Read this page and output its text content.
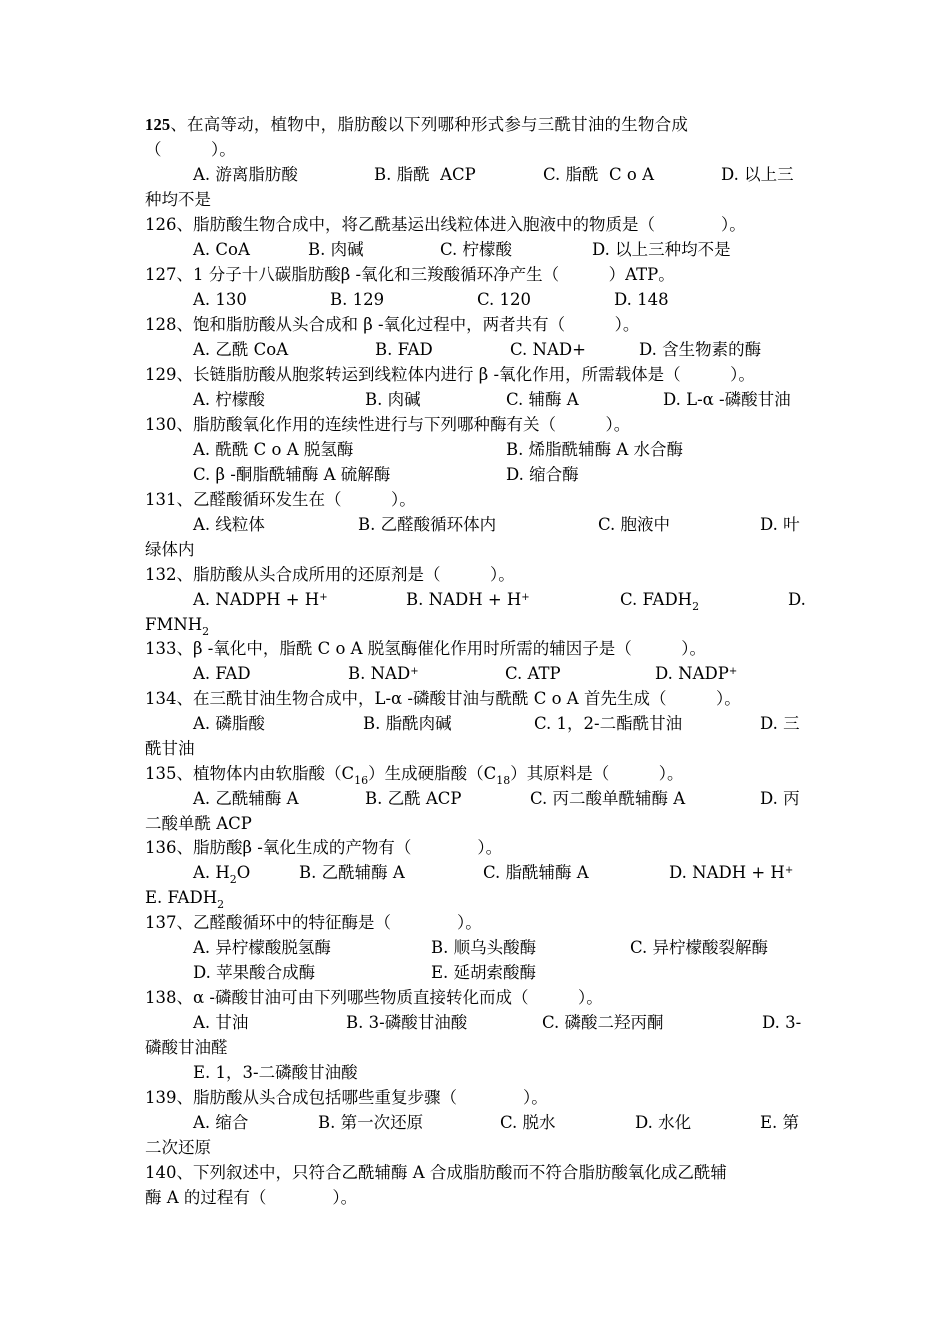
125、在高等动，植物中，脂肪酸以下列哪种形式参与三酰甘油的生物合成
（　　　）。
A. 游离脂肪酸	B. 脂酰  ACP	C. 脂酰  C o A	D. 以上三
种均不是
126、脂肪酸生物合成中，将乙酰基运出线粒体进入胞液中的物质是（　　　　）。
A. CoA	B. 肉碱	C. 柠檬酸	D. 以上三种均不是
127、1 分子十八碳脂肪酸β -氧化和三羧酸循环净产生（　　　）ATP。
A. 130	B. 129	C. 120	D. 148
128、饱和脂肪酸从头合成和 β -氧化过程中，两者共有（　　　）。
A. 乙酰 CoA	B. FAD	C. NAD+	D. 含生物素的酶
129、长链脂肪酸从胞浆转运到线粒体内进行 β -氧化作用，所需载体是（　　　）。
A. 柠檬酸	B. 肉碱	C. 辅酶 A	D. L-α -磷酸甘油
130、脂肪酸氧化作用的连续性进行与下列哪种酶有关（　　　）。
A. 酰酰 C o A 脱氢酶	B. 烯脂酰辅酶 A 水合酶
C. β -酮脂酰辅酶 A 硫解酶	D. 缩合酶
131、乙醛酸循环发生在（　　　）。
A. 线粒体	B. 乙醛酸循环体内	C. 胞液中	D. 叶
绿体内
132、脂肪酸从头合成所用的还原剂是（　　　）。
A. NADPH + H+	B. NADH + H+	C. $FADH_2$	D.
$FMNH_2$
133、β -氧化中，脂酰 C o A 脱氢酶催化作用时所需的辅因子是（　　　）。
A. FAD	B. NAD+	C. ATP	D. NADP+
134、在三酰甘油生物合成中，L-α -磷酸甘油与酰酰 C o A 首先生成（　　　）。
A. 磷脂酸	B. 脂酰肉碱	C. 1，2-二酯酰甘油	D. 三
酰甘油
135、植物体内由软脂酸$(C_{16})$生成硬脂酸$(C_{18})$其原料是（　　　）。
A. 乙酰辅酶 A	B. 乙酰 ACP	C. 丙二酸单酰辅酶 A	D. 丙
二酸单酰 ACP
136、脂肪酸β -氧化生成的产物有（　　　　）。
A. $H_2O$	B. 乙酰辅酶 A	C. 脂酰辅酶 A	D. NADH + H+
E. $FADH_2$
137、乙醛酸循环中的特征酶是（　　　　）。
A. 异柠檬酸脱氢酶	B. 顺乌头酸酶	C. 异柠檬酸裂解酶
D. 苹果酸合成酶	E. 延胡索酸酶
138、α -磷酸甘油可由下列哪些物质直接转化而成（　　　）。
A. 甘油	B. 3-磷酸甘油酸	C. 磷酸二羟丙酮	D. 3-
磷酸甘油醛
E. 1，3-二磷酸甘油酸
139、脂肪酸从头合成包括哪些重复步骤（　　　　）。
A. 缩合	B. 第一次还原	C. 脱水	D. 水化	E. 第
二次还原
140、下列叙述中，只符合乙酰辅酶 A 合成脂肪酸而不符合脂肪酸氧化成乙酰辅
酶 A 的过程有（　　　　）。
